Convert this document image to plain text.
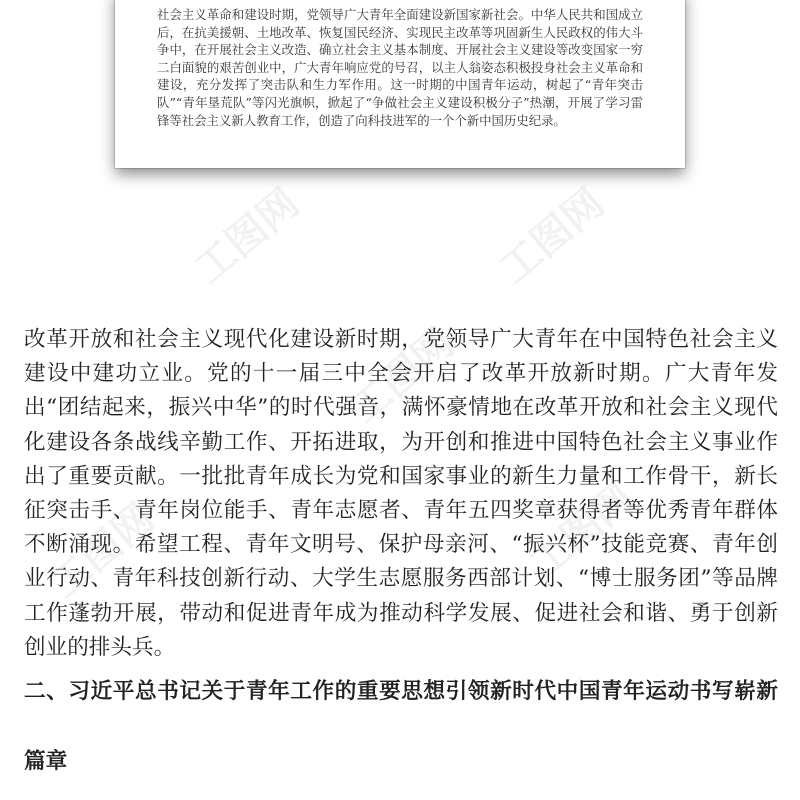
社会主义革命和建设时期，党领导广大青年全面建设新国家新社会。中华人民共和国成立后，在抗美援朝、土地改革、恢复国民经济、实现民主改革等巩固新生人民政权的伟大斗争中，在开展社会主义改造、确立社会主义基本制度、开展社会主义建设等改变国家一穷二白面貌的艰苦创业中，广大青年响应党的号召，以主人翁姿态积极投身社会主义革命和建设，充分发挥了突击队和生力军作用。这一时期的中国青年运动，树起了“青年突击队”“青年垦荒队”等闪光旗帜，掀起了“争做社会主义建设积极分子”热潮，开展了学习雷锋等社会主义新人教育工作，创造了向科技进军的一个个新中国历史纪录。

工图网	工图网
工图网
工图网	工图网

改革开放和社会主义现代化建设新时期，党领导广大青年在中国特色社会主义建设中建功立业。党的十一届三中全会开启了改革开放新时期。广大青年发出“团结起来，振兴中华”的时代强音，满怀豪情地在改革开放和社会主义现代化建设各条战线辛勤工作、开拓进取，为开创和推进中国特色社会主义事业作出了重要贡献。一批批青年成长为党和国家事业的新生力量和工作骨干，新长征突击手、青年岗位能手、青年志愿者、青年五四奖章获得者等优秀青年群体不断涌现。希望工程、青年文明号、保护母亲河、“振兴杯”技能竞赛、青年创业行动、青年科技创新行动、大学生志愿服务西部计划、“博士服务团”等品牌工作蓬勃开展，带动和促进青年成为推动科学发展、促进社会和谐、勇于创新创业的排头兵。

二、习近平总书记关于青年工作的重要思想引领新时代中国青年运动书写崭新篇章
